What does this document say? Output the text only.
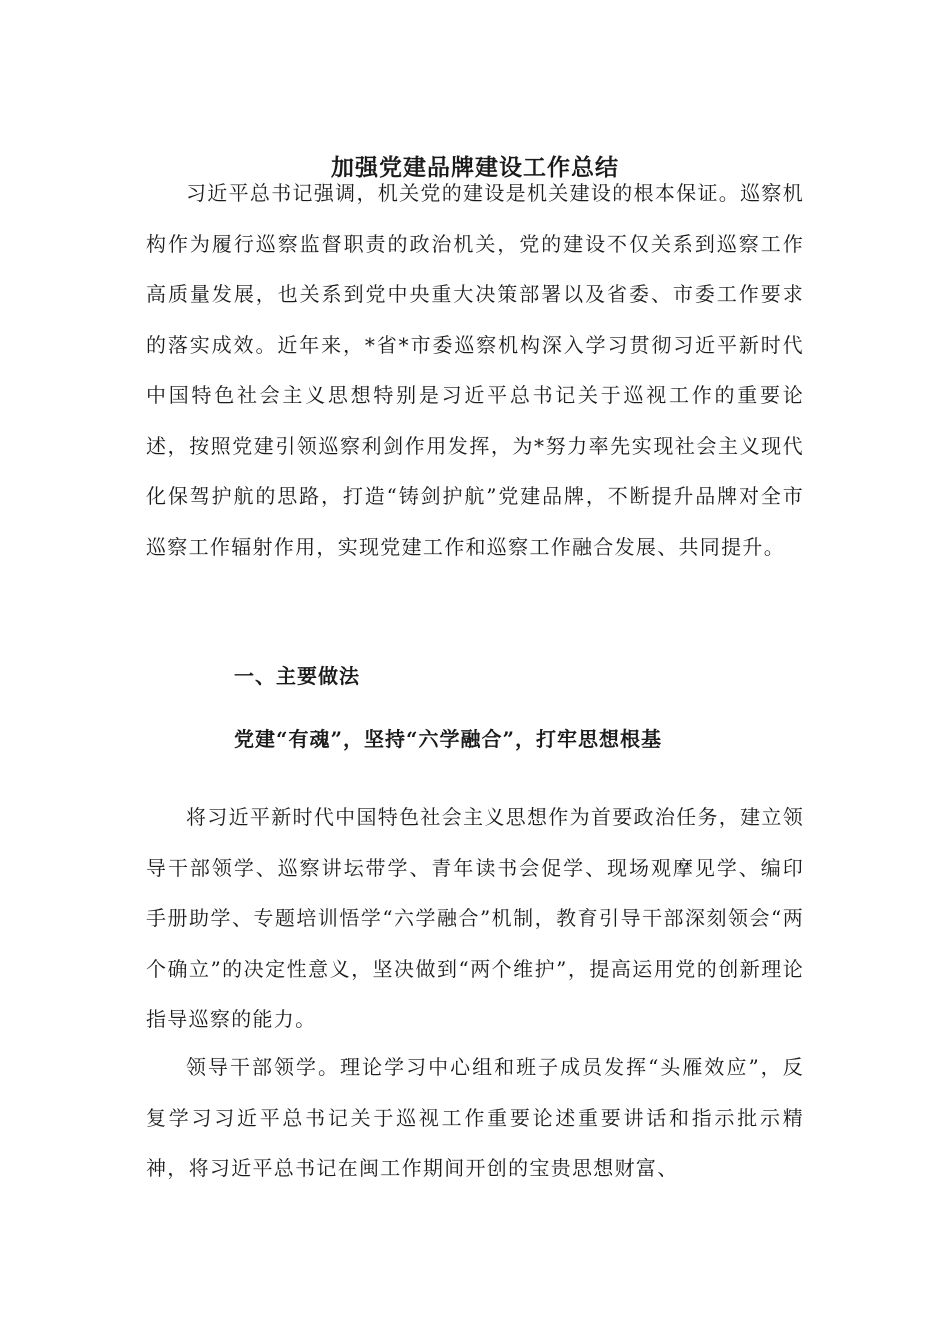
加强党建品牌建设工作总结

习近平总书记强调，机关党的建设是机关建设的根本保证。巡察机构作为履行巡察监督职责的政治机关，党的建设不仅关系到巡察工作高质量发展，也关系到党中央重大决策部署以及省委、市委工作要求的落实成效。近年来，*省*市委巡察机构深入学习贯彻习近平新时代中国特色社会主义思想特别是习近平总书记关于巡视工作的重要论述，按照党建引领巡察利剑作用发挥，为*努力率先实现社会主义现代化保驾护航的思路，打造“铸剑护航”党建品牌，不断提升品牌对全市巡察工作辐射作用，实现党建工作和巡察工作融合发展、共同提升。

一、主要做法
党建“有魂”，坚持“六学融合”，打牢思想根基

将习近平新时代中国特色社会主义思想作为首要政治任务，建立领导干部领学、巡察讲坛带学、青年读书会促学、现场观摩见学、编印手册助学、专题培训悟学“六学融合”机制，教育引导干部深刻领会“两个确立”的决定性意义，坚决做到“两个维护”，提高运用党的创新理论指导巡察的能力。

领导干部领学。理论学习中心组和班子成员发挥“头雁效应”，反复学习习近平总书记关于巡视工作重要论述重要讲话和指示批示精神，将习近平总书记在闽工作期间开创的宝贵思想财富、
